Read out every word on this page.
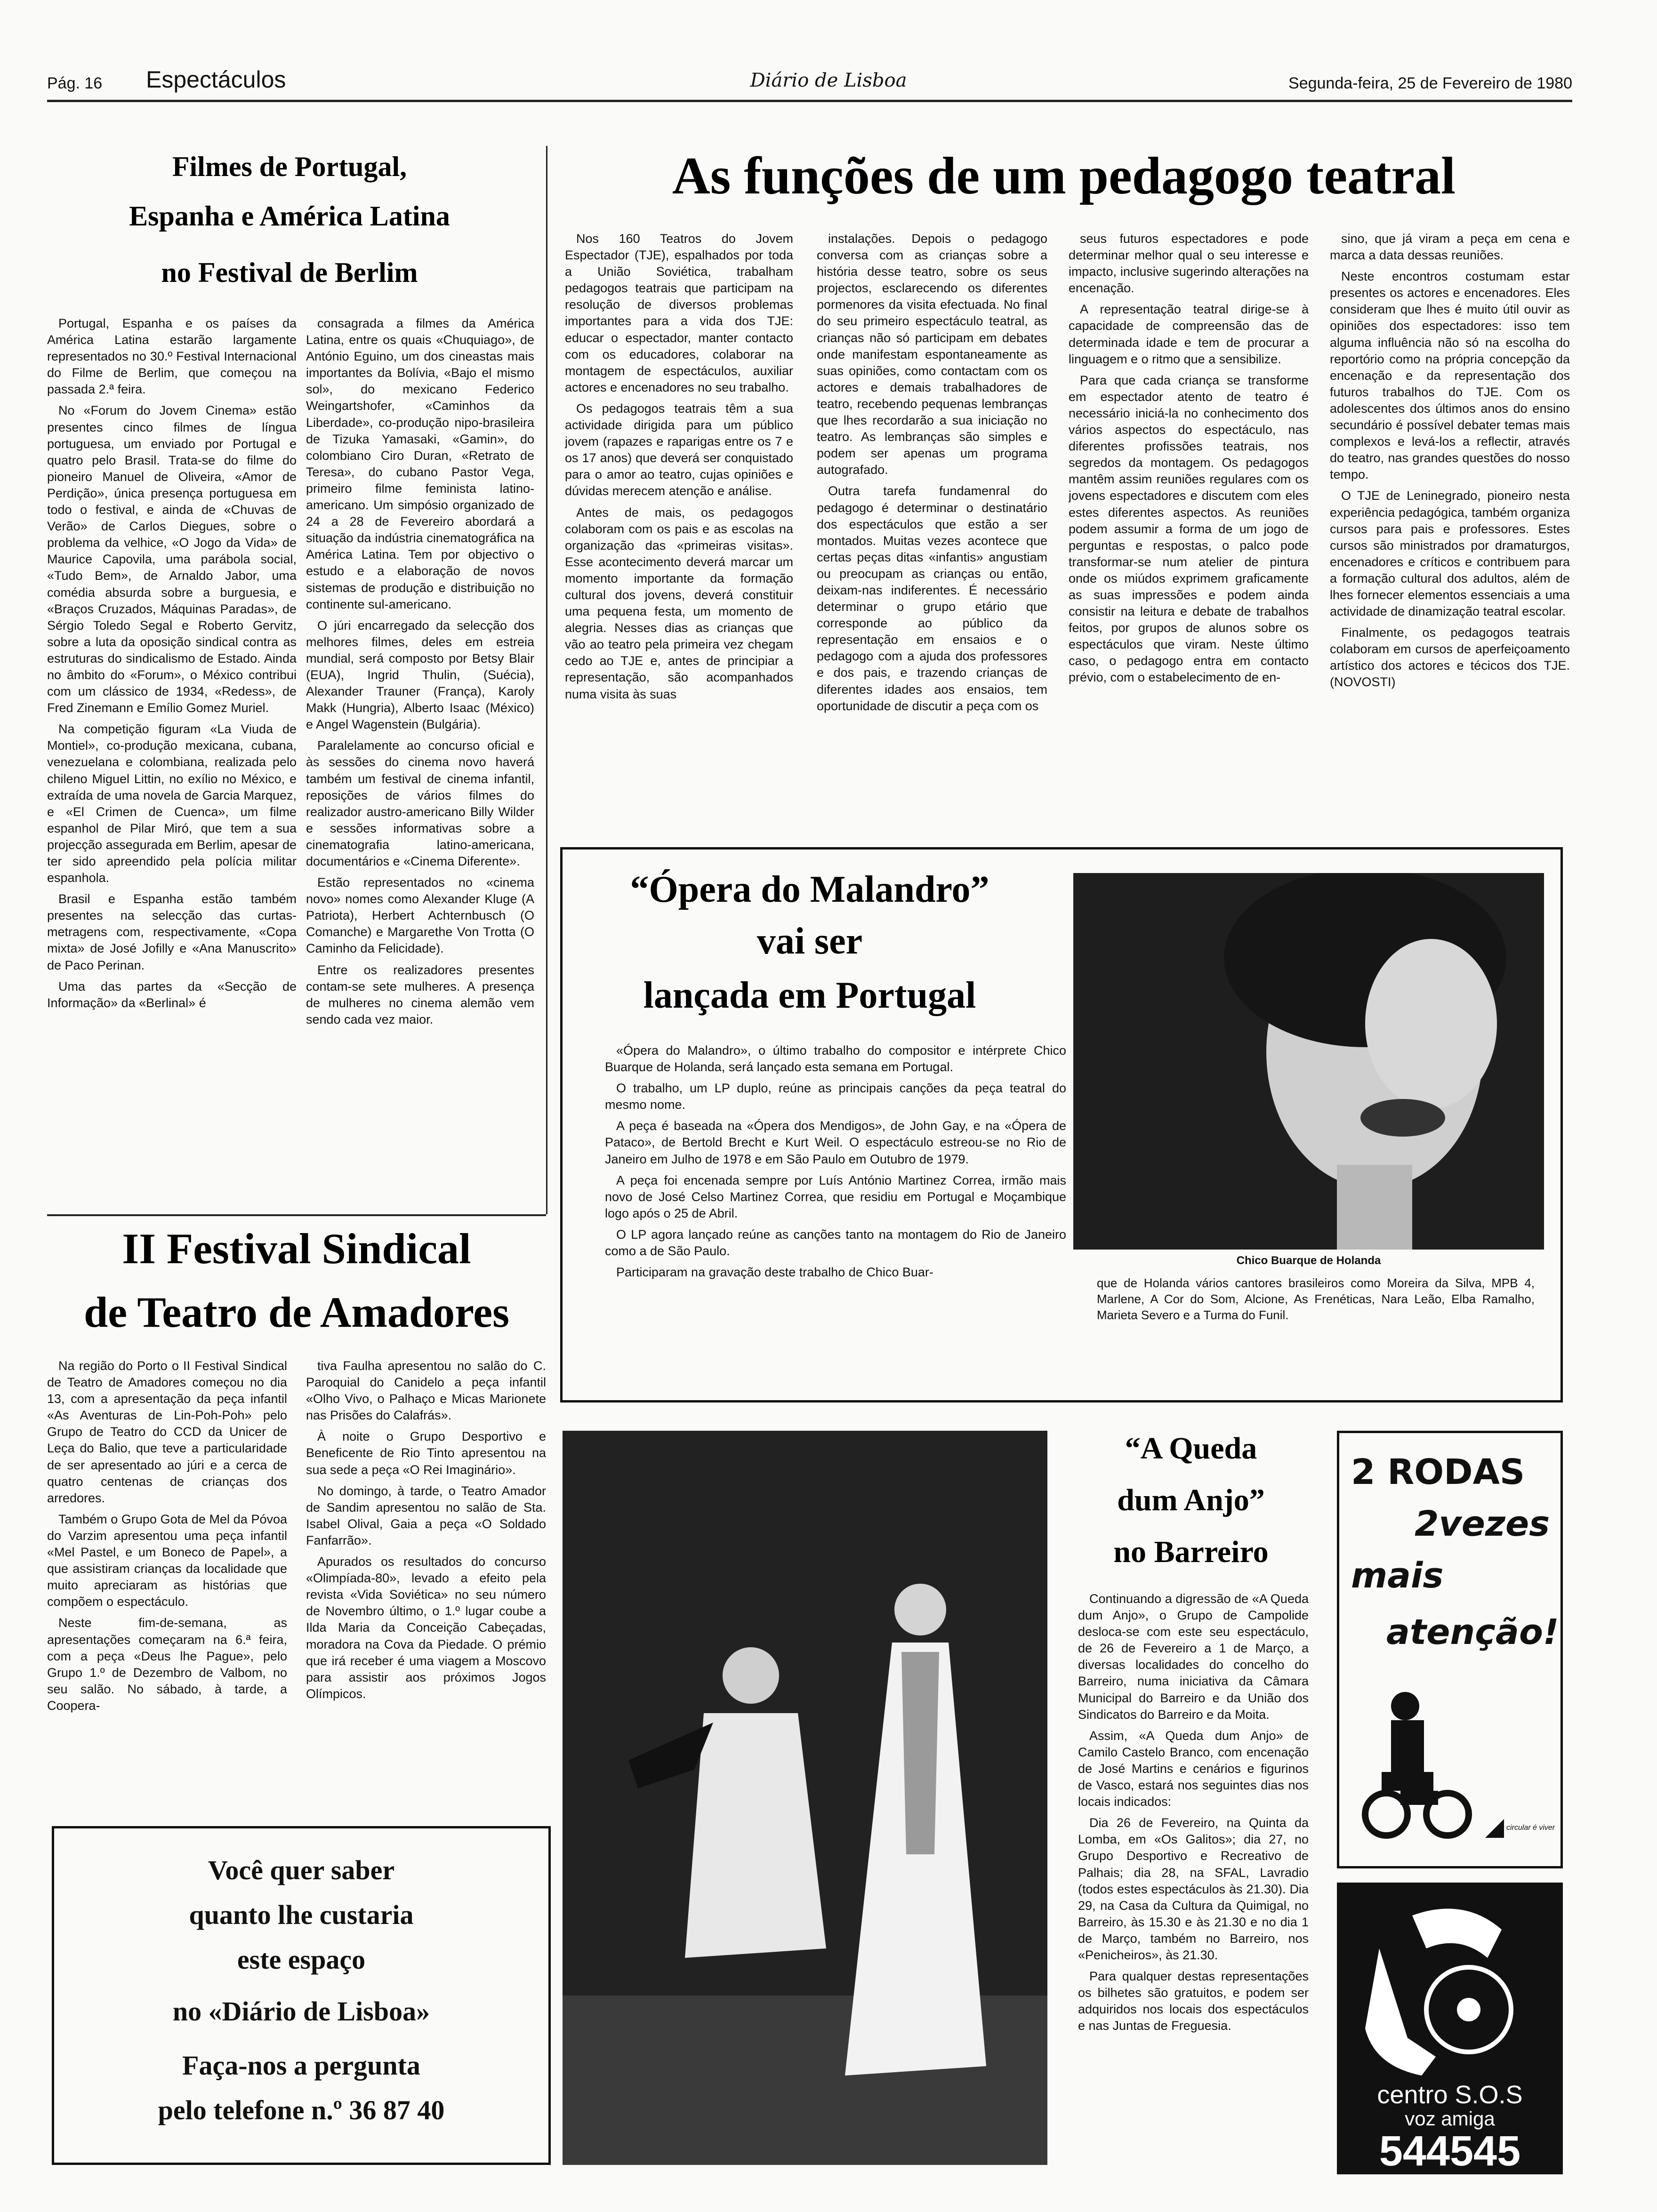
Pág. 16 Espectáculos	Diário de Lisboa	Segunda-feira, 25 de Fevereiro de 1980
Filmes de Portugal,
Espanha e América Latina
no Festival de Berlim

Portugal, Espanha e os países da América Latina estarão largamente representados no 30.º Festival Internacional do Filme de Berlim, que começou na passada 2.ª feira.

No «Forum do Jovem Cinema» estão presentes cinco filmes de língua portuguesa, um enviado por Portugal e quatro pelo Brasil. Trata-se do filme do pioneiro Manuel de Oliveira, «Amor de Perdição», única presença portuguesa em todo o festival, e ainda de «Chuvas de Verão» de Carlos Diegues, sobre o problema da velhice, «O Jogo da Vida» de Maurice Capovila, uma parábola social, «Tudo Bem», de Arnaldo Jabor, uma comédia absurda sobre a burguesia, e «Braços Cruzados, Máquinas Paradas», de Sérgio Toledo Segal e Roberto Gervitz, sobre a luta da oposição sindical contra as estruturas do sindicalismo de Estado. Ainda no âmbito do «Forum», o México contribui com um clássico de 1934, «Redess», de Fred Zinemann e Emílio Gomez Muriel.

Na competição figuram «La Viuda de Montiel», co-produção mexicana, cubana, venezuelana e colombiana, realizada pelo chileno Miguel Littin, no exílio no México, e extraída de uma novela de Garcia Marquez, e «El Crimen de Cuenca», um filme espanhol de Pilar Miró, que tem a sua projecção assegurada em Berlim, apesar de ter sido apreendido pela polícia militar espanhola.

Brasil e Espanha estão também presentes na selecção das curtas-metragens com, respectivamente, «Copa mixta» de José Jofilly e «Ana Manuscrito» de Paco Perinan.

Uma das partes da «Secção de Informação» da «Berlinal» é

consagrada a filmes da América Latina, entre os quais «Chuquiago», de António Eguino, um dos cineastas mais importantes da Bolívia, «Bajo el mismo sol», do mexicano Federico Weingartshofer, «Caminhos da Liberdade», co-produção nipo-brasileira de Tizuka Yamasaki, «Gamin», do colombiano Ciro Duran, «Retrato de Teresa», do cubano Pastor Vega, primeiro filme feminista latino-americano. Um simpósio organizado de 24 a 28 de Fevereiro abordará a situação da indústria cinematográfica na América Latina. Tem por objectivo o estudo e a elaboração de novos sistemas de produção e distribuição no continente sul-americano.

O júri encarregado da selecção dos melhores filmes, deles em estreia mundial, será composto por Betsy Blair (EUA), Ingrid Thulin, (Suécia), Alexander Trauner (França), Karoly Makk (Hungria), Alberto Isaac (México) e Angel Wagenstein (Bulgária).

Paralelamente ao concurso oficial e às sessões do cinema novo haverá também um festival de cinema infantil, reposições de vários filmes do realizador austro-americano Billy Wilder e sessões informativas sobre a cinematografia latino-americana, documentários e «Cinema Diferente».

Estão representados no «cinema novo» nomes como Alexander Kluge (A Patriota), Herbert Achternbusch (O Comanche) e Margarethe Von Trotta (O Caminho da Felicidade).

Entre os realizadores presentes contam-se sete mulheres. A presença de mulheres no cinema alemão vem sendo cada vez maior.

As funções de um pedagogo teatral

Nos 160 Teatros do Jovem Espectador (TJE), espalhados por toda a União Soviética, trabalham pedagogos teatrais que participam na resolução de diversos problemas importantes para a vida dos TJE: educar o espectador, manter contacto com os educadores, colaborar na montagem de espectáculos, auxiliar actores e encenadores no seu trabalho.

Os pedagogos teatrais têm a sua actividade dirigida para um público jovem (rapazes e raparigas entre os 7 e os 17 anos) que deverá ser conquistado para o amor ao teatro, cujas opiniões e dúvidas merecem atenção e análise.

Antes de mais, os pedagogos colaboram com os pais e as escolas na organização das «primeiras visitas». Esse acontecimento deverá marcar um momento importante da formação cultural dos jovens, deverá constituir uma pequena festa, um momento de alegria. Nesses dias as crianças que vão ao teatro pela primeira vez chegam cedo ao TJE e, antes de principiar a representação, são acompanhados numa visita às suas

instalações. Depois o pedagogo conversa com as crianças sobre a história desse teatro, sobre os seus projectos, esclarecendo os diferentes pormenores da visita efectuada. No final do seu primeiro espectáculo teatral, as crianças não só participam em debates onde manifestam espontaneamente as suas opiniões, como contactam com os actores e demais trabalhadores de teatro, recebendo pequenas lembranças que lhes recordarão a sua iniciação no teatro. As lembranças são simples e podem ser apenas um programa autografado.

Outra tarefa fundamenral do pedagogo é determinar o destinatário dos espectáculos que estão a ser montados. Muitas vezes acontece que certas peças ditas «infantis» angustiam ou preocupam as crianças ou então, deixam-nas indiferentes. É necessário determinar o grupo etário que corresponde ao público da representação em ensaios e o pedagogo com a ajuda dos professores e dos pais, e trazendo crianças de diferentes idades aos ensaios, tem oportunidade de discutir a peça com os

seus futuros espectadores e pode determinar melhor qual o seu interesse e impacto, inclusive sugerindo alterações na encenação.

A representação teatral dirige-se à capacidade de compreensão das de determinada idade e tem de procurar a linguagem e o ritmo que a sensibilize.

Para que cada criança se transforme em espectador atento de teatro é necessário iniciá-la no conhecimento dos vários aspectos do espectáculo, nas diferentes profissões teatrais, nos segredos da montagem. Os pedagogos mantêm assim reuniões regulares com os jovens espectadores e discutem com eles estes diferentes aspectos. As reuniões podem assumir a forma de um jogo de perguntas e respostas, o palco pode transformar-se num atelier de pintura onde os miúdos exprimem graficamente as suas impressões e podem ainda consistir na leitura e debate de trabalhos feitos, por grupos de alunos sobre os espectáculos que viram. Neste último caso, o pedagogo entra em contacto prévio, com o estabelecimento de en-

sino, que já viram a peça em cena e marca a data dessas reuniões.

Neste encontros costumam estar presentes os actores e encenadores. Eles consideram que lhes é muito útil ouvir as opiniões dos espectadores: isso tem alguma influência não só na escolha do reportório como na própria concepção da encenação e da representação dos futuros trabalhos do TJE. Com os adolescentes dos últimos anos do ensino secundário é possível debater temas mais complexos e levá-los a reflectir, através do teatro, nas grandes questões do nosso tempo.

O TJE de Leninegrado, pioneiro nesta experiência pedagógica, também organiza cursos para pais e professores. Estes cursos são ministrados por dramaturgos, encenadores e críticos e contribuem para a formação cultural dos adultos, além de lhes fornecer elementos essenciais a uma actividade de dinamização teatral escolar.

Finalmente, os pedagogos teatrais colaboram em cursos de aperfeiçoamento artístico dos actores e técicos dos TJE. (NOVOSTI)

“Ópera do Malandro”
vai ser
lançada em Portugal

«Ópera do Malandro», o último trabalho do compositor e intérprete Chico Buarque de Holanda, será lançado esta semana em Portugal.

O trabalho, um LP duplo, reúne as principais canções da peça teatral do mesmo nome.

A peça é baseada na «Ópera dos Mendigos», de John Gay, e na «Ópera de Pataco», de Bertold Brecht e Kurt Weil. O espectáculo estreou-se no Rio de Janeiro em Julho de 1978 e em São Paulo em Outubro de 1979.

A peça foi encenada sempre por Luís António Martinez Correa, irmão mais novo de José Celso Martinez Correa, que residiu em Portugal e Moçambique logo após o 25 de Abril.

O LP agora lançado reúne as canções tanto na montagem do Rio de Janeiro como a de São Paulo.

Participaram na gravação deste trabalho de Chico Buar-

Chico Buarque de Holanda
que de Holanda vários cantores brasileiros como Moreira da Silva, MPB 4, Marlene, A Cor do Som, Alcione, As Frenéticas, Nara Leão, Elba Ramalho, Marieta Severo e a Turma do Funil.
II Festival Sindical
de Teatro de Amadores

Na região do Porto o II Festival Sindical de Teatro de Amadores começou no dia 13, com a apresentação da peça infantil «As Aventuras de Lin-Poh-Poh» pelo Grupo de Teatro do CCD da Unicer de Leça do Balio, que teve a particularidade de ser apresentado ao júri e a cerca de quatro centenas de crianças dos arredores.

Também o Grupo Gota de Mel da Póvoa do Varzim apresentou uma peça infantil «Mel Pastel, e um Boneco de Papel», a que assistiram crianças da localidade que muito apreciaram as histórias que compõem o espectáculo.

Neste fim-de-semana, as apresentações começaram na 6.ª feira, com a peça «Deus lhe Pague», pelo Grupo 1.º de Dezembro de Valbom, no seu salão. No sábado, à tarde, a Coopera-

tiva Faulha apresentou no salão do C. Paroquial do Canidelo a peça infantil «Olho Vivo, o Palhaço e Micas Marionete nas Prisões do Calafrás».

À noite o Grupo Desportivo e Beneficente de Rio Tinto apresentou na sua sede a peça «O Rei Imaginário».

No domingo, à tarde, o Teatro Amador de Sandim apresentou no salão de Sta. Isabel Olival, Gaia a peça «O Soldado Fanfarrão».

Apurados os resultados do concurso «Olimpíada-80», levado a efeito pela revista «Vida Soviética» no seu número de Novembro último, o 1.º lugar coube a Ilda Maria da Conceição Cabeçadas, moradora na Cova da Piedade. O prémio que irá receber é uma viagem a Moscovo para assistir aos próximos Jogos Olímpicos.

Você quer saber
quanto lhe custaria
este espaço
no «Diário de Lisboa»
Faça-nos a pergunta
pelo telefone n.º 36 87 40
“A Queda
dum Anjo”
no Barreiro

Continuando a digressão de «A Queda dum Anjo», o Grupo de Campolide desloca-se com este seu espectáculo, de 26 de Fevereiro a 1 de Março, a diversas localidades do concelho do Barreiro, numa iniciativa da Câmara Municipal do Barreiro e da União dos Sindicatos do Barreiro e da Moita.

Assim, «A Queda dum Anjo» de Camilo Castelo Branco, com encenação de José Martins e cenários e figurinos de Vasco, estará nos seguintes dias nos locais indicados:

Dia 26 de Fevereiro, na Quinta da Lomba, em «Os Galitos»; dia 27, no Grupo Desportivo e Recreativo de Palhais; dia 28, na SFAL, Lavradio (todos estes espectáculos às 21.30). Dia 29, na Casa da Cultura da Quimigal, no Barreiro, às 15.30 e às 21.30 e no dia 1 de Março, também no Barreiro, nos «Penicheiros», às 21.30.

Para qualquer destas representações os bilhetes são gratuitos, e podem ser adquiridos nos locais dos espectáculos e nas Juntas de Freguesia.

2 RODAS
2vezes
mais
atenção!
circular é viver
centro S.O.S
voz amiga
544545
